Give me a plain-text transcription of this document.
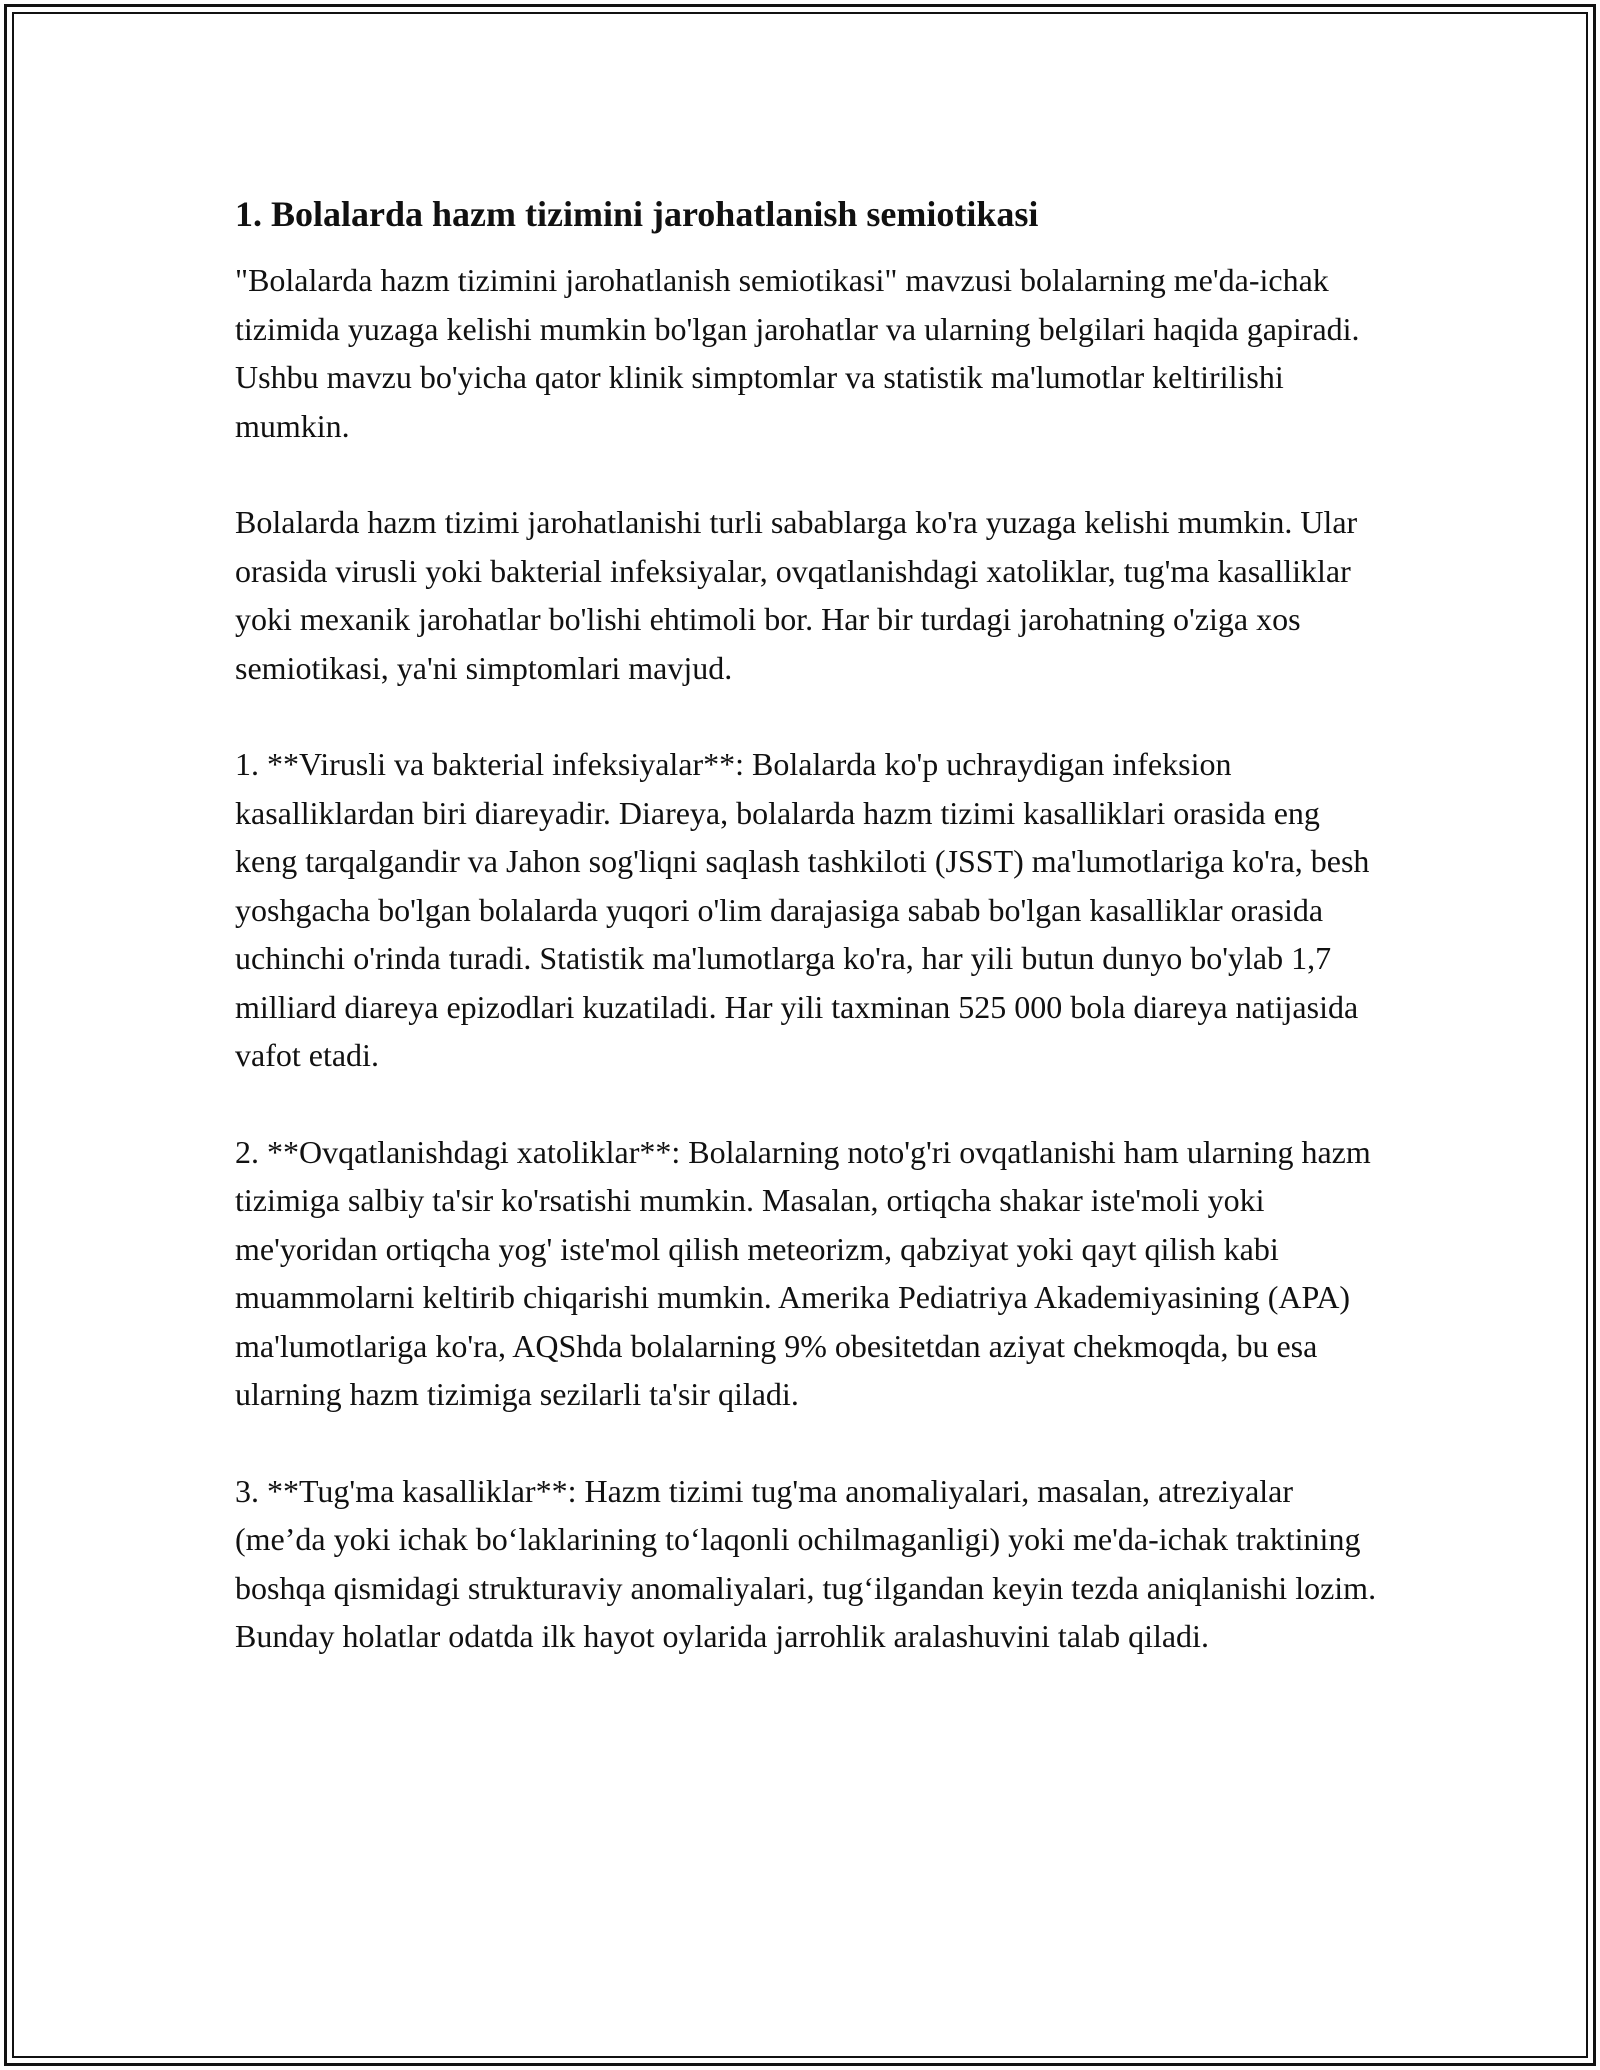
1. Bolalarda hazm tizimini jarohatlanish semiotikasi

"Bolalarda hazm tizimini jarohatlanish semiotikasi" mavzusi bolalarning me'da-ichak tizimida yuzaga kelishi mumkin bo'lgan jarohatlar va ularning belgilari haqida gapiradi. Ushbu mavzu bo'yicha qator klinik simptomlar va statistik ma'lumotlar keltirilishi mumkin.

Bolalarda hazm tizimi jarohatlanishi turli sabablarga ko'ra yuzaga kelishi mumkin. Ular orasida virusli yoki bakterial infeksiyalar, ovqatlanishdagi xatoliklar, tug'ma kasalliklar yoki mexanik jarohatlar bo'lishi ehtimoli bor. Har bir turdagi jarohatning o'ziga xos semiotikasi, ya'ni simptomlari mavjud.

1. **Virusli va bakterial infeksiyalar**: Bolalarda ko'p uchraydigan infeksion kasalliklardan biri diareyadir. Diareya, bolalarda hazm tizimi kasalliklari orasida eng keng tarqalgandir va Jahon sog'liqni saqlash tashkiloti (JSST) ma'lumotlariga ko'ra, besh yoshgacha bo'lgan bolalarda yuqori o'lim darajasiga sabab bo'lgan kasalliklar orasida uchinchi o'rinda turadi. Statistik ma'lumotlarga ko'ra, har yili butun dunyo bo'ylab 1,7 milliard diareya epizodlari kuzatiladi. Har yili taxminan 525 000 bola diareya natijasida vafot etadi.

2. **Ovqatlanishdagi xatoliklar**: Bolalarning noto'g'ri ovqatlanishi ham ularning hazm tizimiga salbiy ta'sir ko'rsatishi mumkin. Masalan, ortiqcha shakar iste'moli yoki me'yoridan ortiqcha yog' iste'mol qilish meteorizm, qabziyat yoki qayt qilish kabi muammolarni keltirib chiqarishi mumkin. Amerika Pediatriya Akademiyasining (APA) ma'lumotlariga ko'ra, AQShda bolalarning 9% obesitetdan aziyat chekmoqda, bu esa ularning hazm tizimiga sezilarli ta'sir qiladi.

3. **Tug'ma kasalliklar**: Hazm tizimi tug'ma anomaliyalari, masalan, atreziyalar (me’da yoki ichak bo‘laklarining to‘laqonli ochilmaganligi) yoki me'da-ichak traktining boshqa qismidagi strukturaviy anomaliyalari, tug‘ilgandan keyin tezda aniqlanishi lozim. Bunday holatlar odatda ilk hayot oylarida jarrohlik aralashuvini talab qiladi.
